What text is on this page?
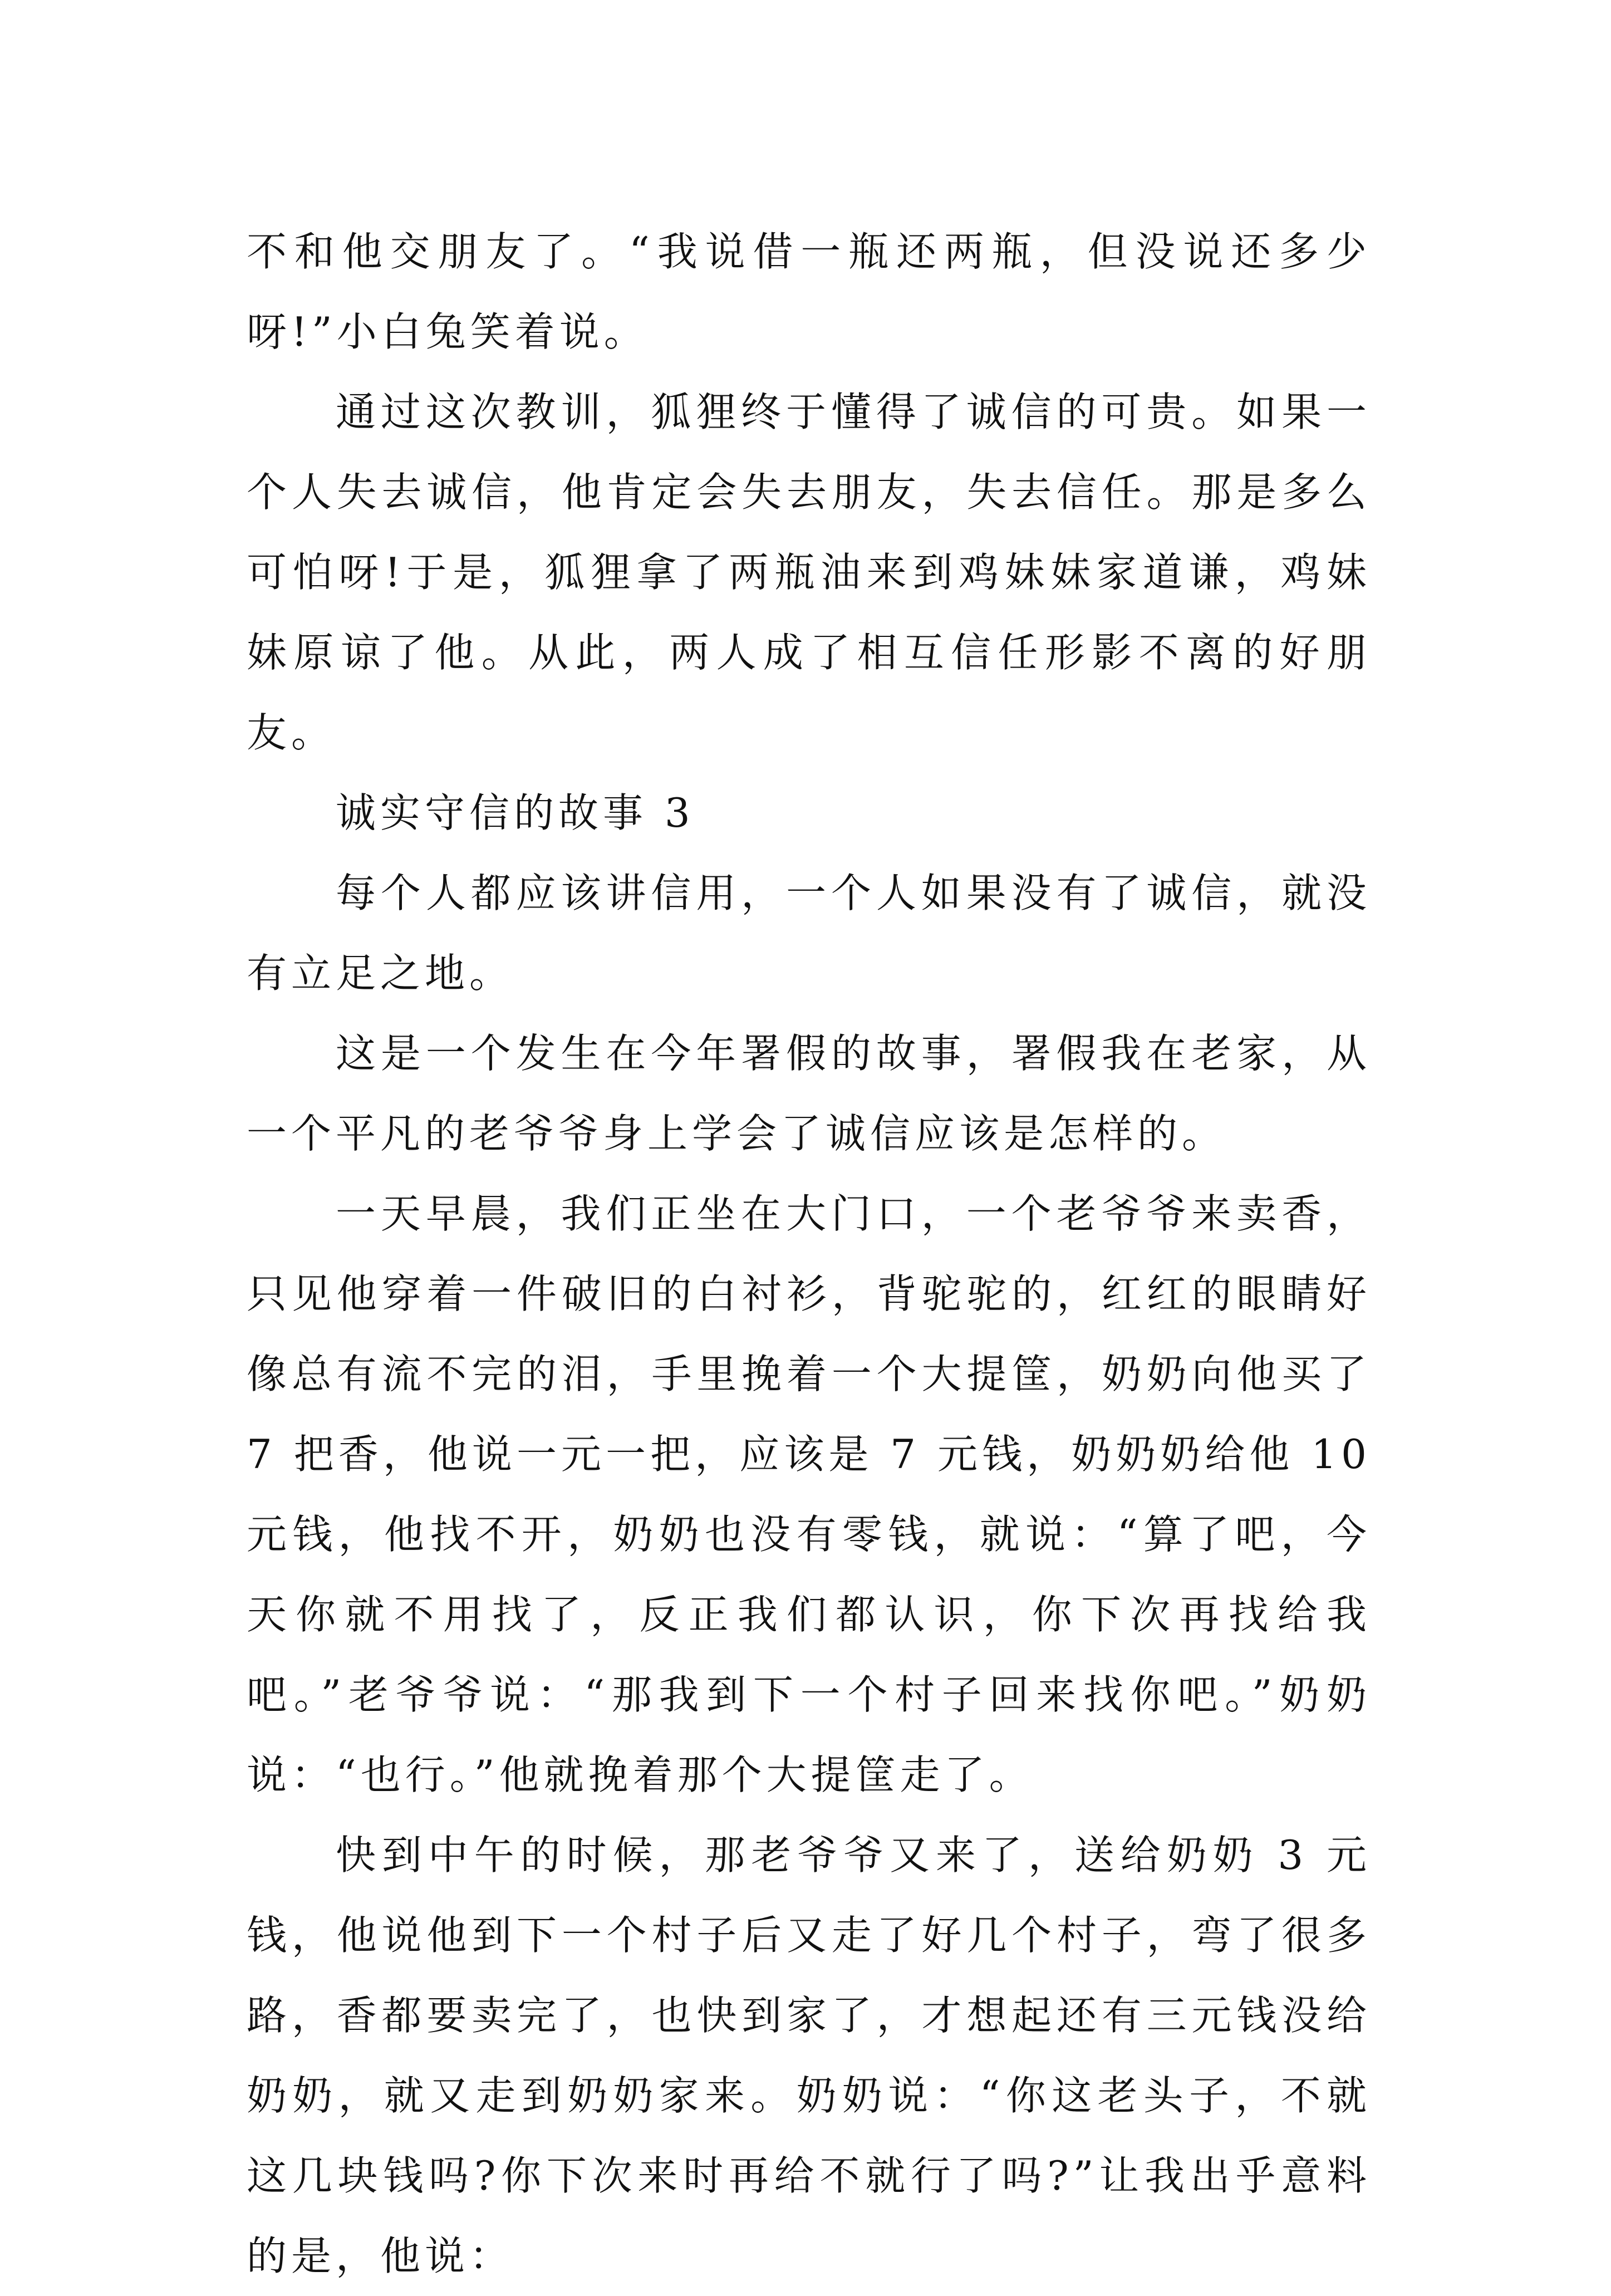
不和他交朋友了。“我说借一瓶还两瓶，但没说还多少呀!”小白兔笑着说。

通过这次教训，狐狸终于懂得了诚信的可贵。如果一个人失去诚信，他肯定会失去朋友，失去信任。那是多么可怕呀!于是，狐狸拿了两瓶油来到鸡妹妹家道谦，鸡妹妹原谅了他。从此，两人成了相互信任形影不离的好朋友。

诚实守信的故事 3

每个人都应该讲信用，一个人如果没有了诚信，就没有立足之地。

这是一个发生在今年署假的故事，署假我在老家，从一个平凡的老爷爷身上学会了诚信应该是怎样的。

一天早晨，我们正坐在大门口，一个老爷爷来卖香，只见他穿着一件破旧的白衬衫，背驼驼的，红红的眼睛好像总有流不完的泪，手里挽着一个大提筐，奶奶向他买了 7 把香，他说一元一把，应该是 7 元钱，奶奶奶给他 10 元钱，他找不开，奶奶也没有零钱，就说：“算了吧，今天你就不用找了，反正我们都认识，你下次再找给我吧。”老爷爷说：“那我到下一个村子回来找你吧。”奶奶说：“也行。”他就挽着那个大提筐走了。

快到中午的时候，那老爷爷又来了，送给奶奶 3 元钱，他说他到下一个村子后又走了好几个村子，弯了很多路，香都要卖完了，也快到家了，才想起还有三元钱没给奶奶，就又走到奶奶家来。奶奶说：“你这老头子，不就这几块钱吗?你下次来时再给不就行了吗?”让我出乎意料的是，他说：
